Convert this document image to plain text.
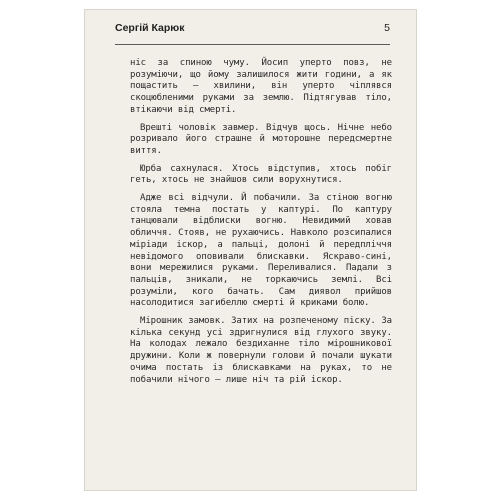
Сергій Карюк	5

ніс за спиною чуму. Йосип уперто повз, не розуміючи, що йому залишилося жити години, а як пощастить — хвилини, він уперто чіплявся скоцюбленими руками за землю. Підтягував тіло, втікаючи від смерті.

Врешті чоловік завмер. Відчув щось. Нічне небо розривало його страшне й моторошне передсмертне виття.

Юрба сахнулася. Хтось відступив, хтось побіг геть, хтось не знайшов сили ворухнутися.

Адже всі відчули. Й побачили. За стіною вогню стояла темна постать у каптурі. По каптуру танцювали відблиски вогню. Невидимий ховав обличчя. Стояв, не рухаючись. Навколо розсипалися міріади іскор, а пальці, долоні й передпліччя невідомого оповивали блискавки. Яскраво-сині, вони мережилися руками. Переливалися. Падали з пальців, зникали, не торкаючись землі. Всі розуміли, кого бачать. Сам диявол прийшов насолодитися загибеллю смерті й криками болю.

Мірошник замовк. Затих на розпеченому піску. За кілька секунд усі здригнулися від глухого звуку. На колодах лежало бездиханне тіло мірошникової дружини. Коли ж повернули голови й почали шукати очима постать із блискавками на руках, то не побачили нічого — лише ніч та рій іскор.
